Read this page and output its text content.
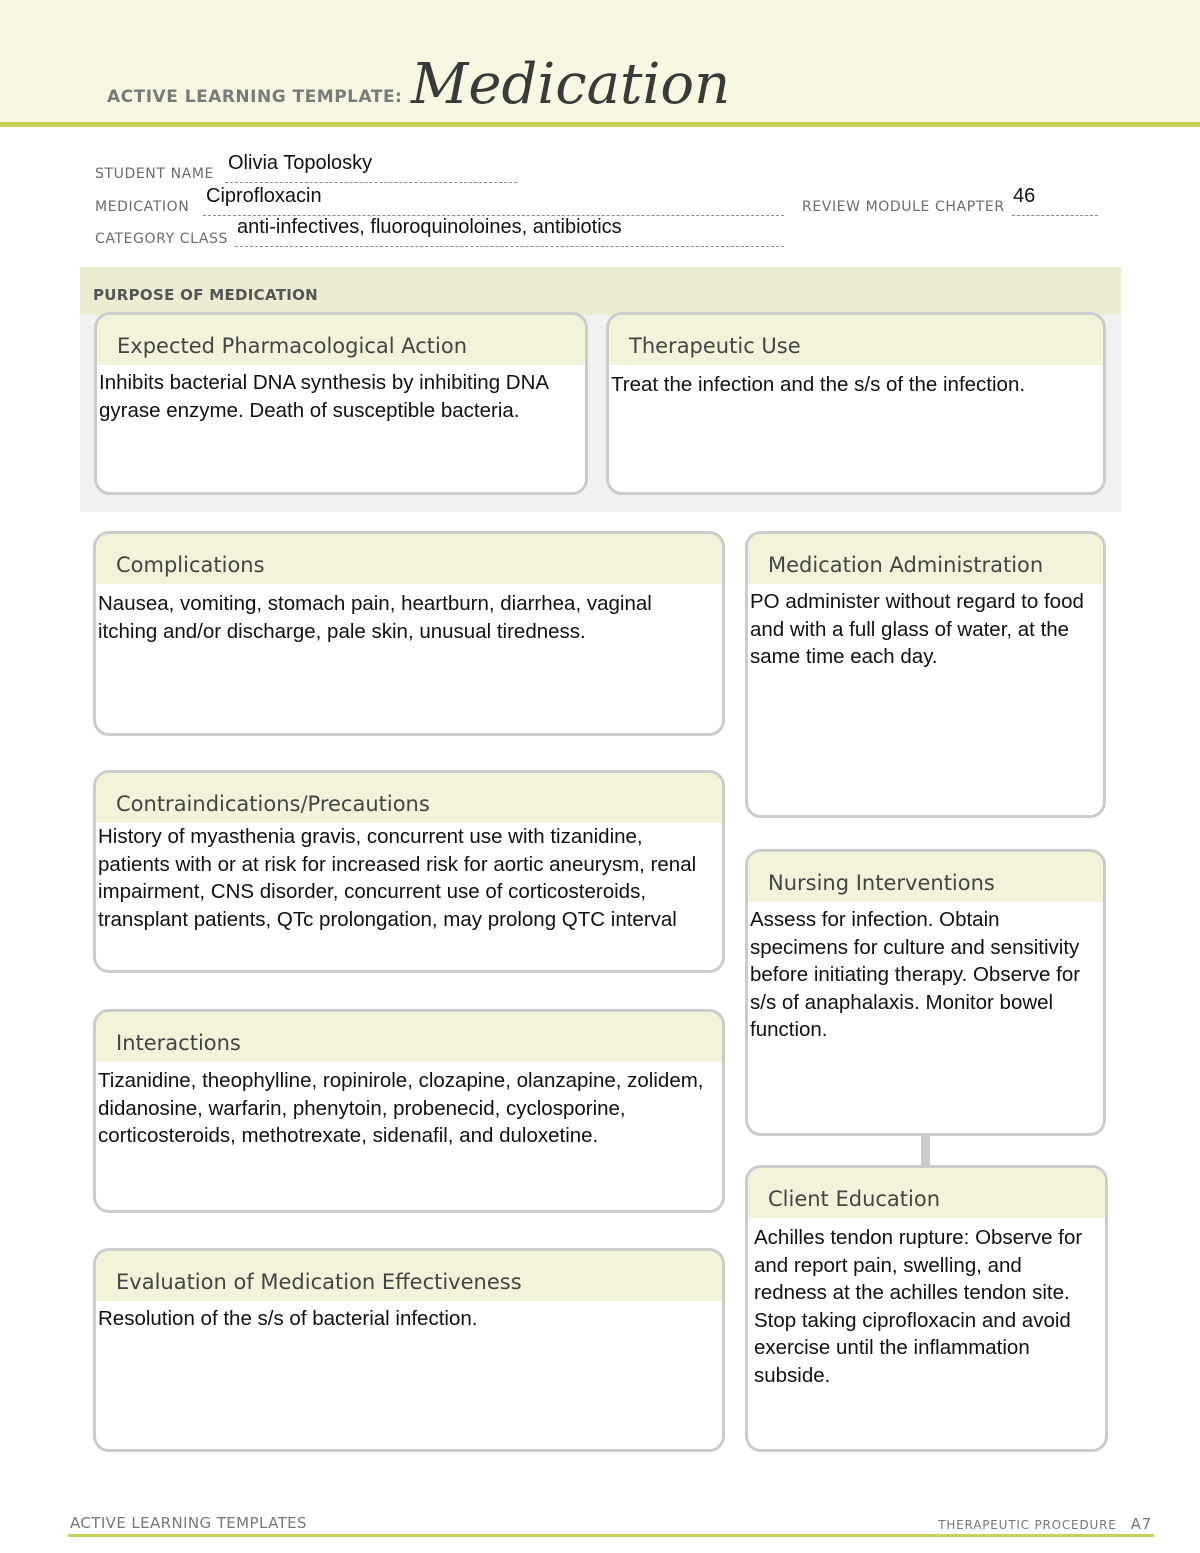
ACTIVE LEARNING TEMPLATE: Medication
STUDENT NAME Olivia Topolosky
MEDICATION Ciprofloxacin	REVIEW MODULE CHAPTER 46
CATEGORY CLASS
anti-infectives, fluoroquinoloines, antibiotics
PURPOSE OF MEDICATION
Expected Pharmacological Action
Inhibits bacterial DNA synthesis by inhibiting DNA gyrase enzyme. Death of susceptible bacteria.
Therapeutic Use
Treat the infection and the s/s of the infection.
Complications
Nausea, vomiting, stomach pain, heartburn, diarrhea, vaginal itching and/or discharge, pale skin, unusual tiredness.
Contraindications/Precautions
History of myasthenia gravis, concurrent use with tizanidine, patients with or at risk for increased risk for aortic aneurysm, renal impairment, CNS disorder, concurrent use of corticosteroids, transplant patients, QTc prolongation, may prolong QTC interval
Interactions
Tizanidine, theophylline, ropinirole, clozapine, olanzapine, zolidem, didanosine, warfarin, phenytoin, probenecid, cyclosporine, corticosteroids, methotrexate, sidenafil, and duloxetine.
Evaluation of Medication Effectiveness
Resolution of the s/s of bacterial infection.
Medication Administration
PO administer without regard to food and with a full glass of water, at the same time each day.
Nursing Interventions
Assess for infection. Obtain specimens for culture and sensitivity before initiating therapy. Observe for s/s of anaphalaxis. Monitor bowel function.
Client Education
Achilles tendon rupture: Observe for and report pain, swelling, and redness at the achilles tendon site.
Stop taking ciprofloxacin and avoid exercise until the inflammation subside.
ACTIVE LEARNING TEMPLATES	THERAPEUTIC PROCEDURE A7
